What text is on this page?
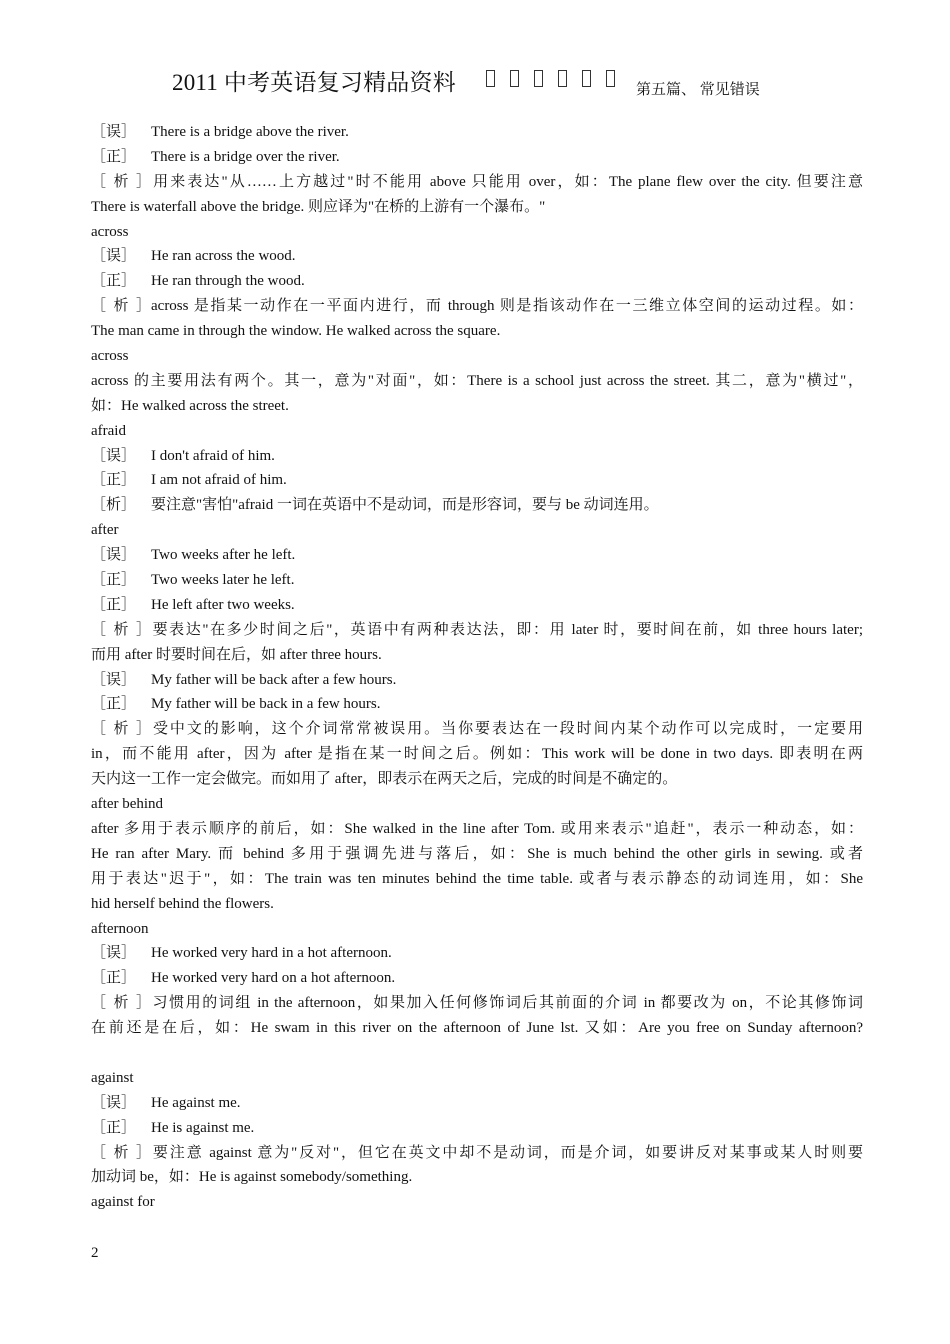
2011 中考英语复习精品资料	第五篇、 常见错误
［误］ There is a bridge above the river.
［正］ There is a bridge over the river.
［析］用来表达"从……上方越过"时不能用 above 只能用 over，如：The plane flew over the city. 但要注意
There is waterfall above the bridge. 则应译为"在桥的上游有一个瀑布。"
across
［误］ He ran across the wood.
［正］ He ran through the wood.
［析］across 是指某一动作在一平面内进行，而 through 则是指该动作在一三维立体空间的运动过程。如：
The man came in through the window. He walked across the square.
across
across 的主要用法有两个。其一，意为"对面"，如：There is a school just across the street. 其二，意为"横过"，
如：He walked across the street.
afraid
［误］ I don't afraid of him.
［正］ I am not afraid of him.
［析］ 要注意"害怕"afraid 一词在英语中不是动词，而是形容词，要与 be 动词连用。
after
［误］ Two weeks after he left.
［正］ Two weeks later he left.
［正］ He left after two weeks.
［析］要表达"在多少时间之后"，英语中有两种表达法，即：用 later 时，要时间在前，如 three hours later;
而用 after 时要时间在后，如 after three hours.
［误］ My father will be back after a few hours.
［正］ My father will be back in a few hours.
［析］受中文的影响，这个介词常常被误用。当你要表达在一段时间内某个动作可以完成时，一定要用
in，而不能用 after，因为 after 是指在某一时间之后。例如：This work will be done in two days. 即表明在两
天内这一工作一定会做完。而如用了 after，即表示在两天之后，完成的时间是不确定的。
after behind
after 多用于表示顺序的前后，如：She walked in the line after Tom. 或用来表示"追赶"，表示一种动态，如：
He ran after Mary. 而 behind 多用于强调先进与落后，如：She is much behind the other girls in sewing. 或者
用于表达"迟于"，如：The train was ten minutes behind the time table. 或者与表示静态的动词连用，如：She
hid herself behind the flowers.
afternoon
［误］ He worked very hard in a hot afternoon.
［正］ He worked very hard on a hot afternoon.
［析］习惯用的词组 in the afternoon，如果加入任何修饰词后其前面的介词 in 都要改为 on，不论其修饰词
在前还是在后，如：He swam in this river on the afternoon of June lst. 又如：Are you free on Sunday afternoon?
against
［误］ He against me.
［正］ He is against me.
［析］要注意 against 意为"反对"，但它在英文中却不是动词，而是介词，如要讲反对某事或某人时则要
加动词 be，如：He is against somebody/something.
against for
2
